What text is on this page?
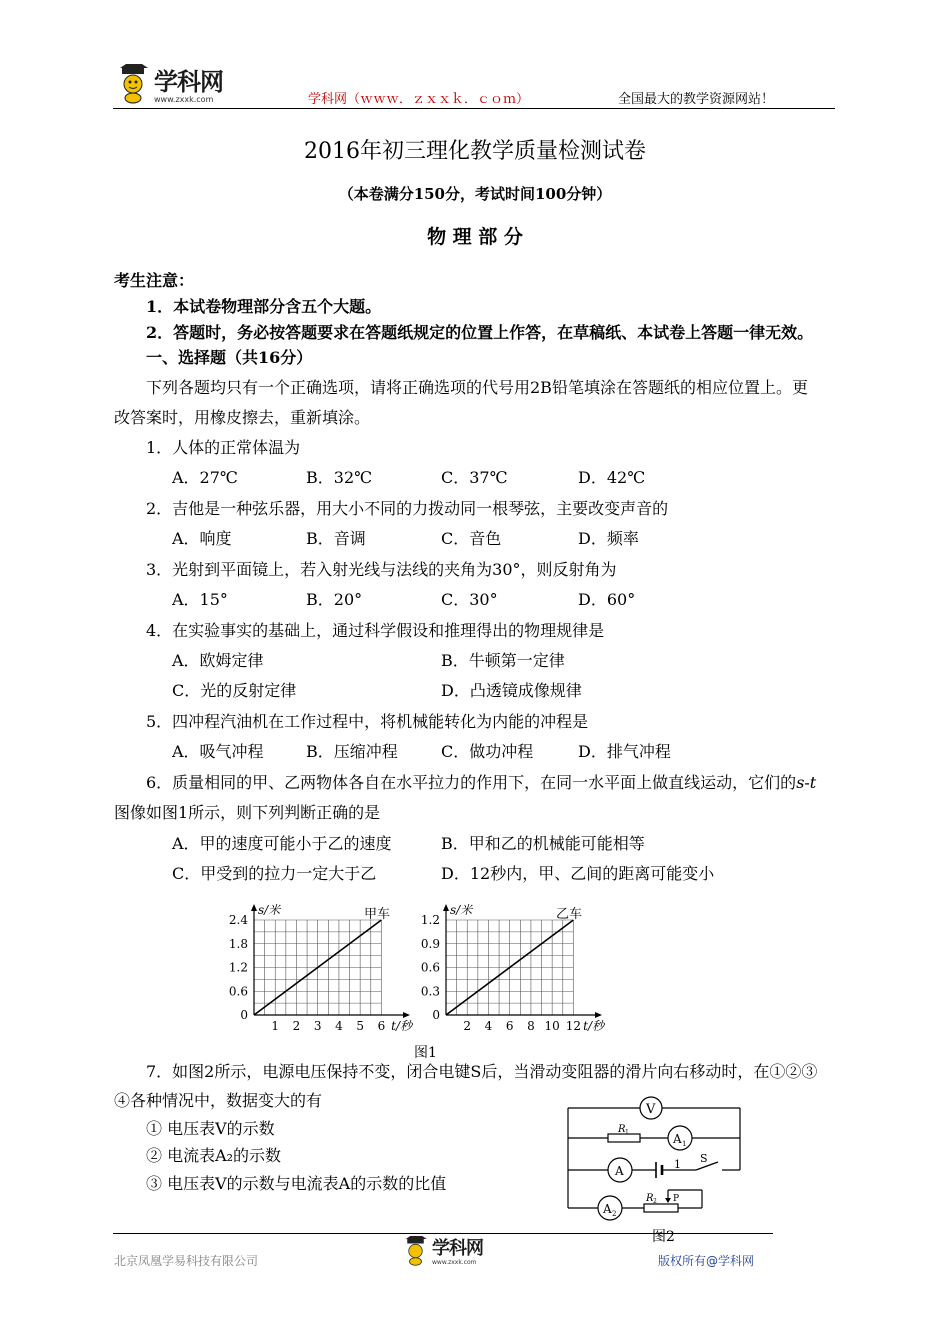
学科网
www.zxxk.com	学科网（ｗｗｗ．ｚｘｘｋ．ｃｏｍ）	全国最大的教学资源网站！
2016年初三理化教学质量检测试卷
（本卷满分150分，考试时间100分钟）
物 理 部 分
考生注意：
1．本试卷物理部分含五个大题。
2．答题时，务必按答题要求在答题纸规定的位置上作答，在草稿纸、本试卷上答题一律无效。
一、选择题（共16分）
下列各题均只有一个正确选项，请将正确选项的代号用2B铅笔填涂在答题纸的相应位置上。更
改答案时，用橡皮擦去，重新填涂。
1．人体的正常体温为
A．27℃	B．32℃	C．37℃	D．42℃
2．吉他是一种弦乐器，用大小不同的力拨动同一根琴弦，主要改变声音的
A．响度	B．音调	C．音色	D．频率
3．光射到平面镜上，若入射光线与法线的夹角为30°，则反射角为
A．15°	B．20°	C．30°	D．60°
4．在实验事实的基础上，通过科学假设和推理得出的物理规律是
A．欧姆定律	B．牛顿第一定律
C．光的反射定律	D．凸透镜成像规律
5．四冲程汽油机在工作过程中，将机械能转化为内能的冲程是
A．吸气冲程	B．压缩冲程	C．做功冲程	D．排气冲程
6．质量相同的甲、乙两物体各自在水平拉力的作用下，在同一水平面上做直线运动，它们的s-t
图像如图1所示，则下列判断正确的是
A．甲的速度可能小于乙的速度	B．甲和乙的机械能可能相等
C．甲受到的拉力一定大于乙	D．12秒内，甲、乙间的距离可能变小
1 2 3 4 5 6
0
0.6
1.2
1.8
2.4
s/米
t/秒
甲车
2 4 6 8 10 12
0
0.3
0.6
0.9
1.2
s/米
t/秒
乙车
图1
7．如图2所示，电源电压保持不变，闭合电键S后，当滑动变阻器的滑片向右移动时，在①②③
④各种情况中，数据变大的有
① 电压表V的示数
② 电流表A₂的示数
③ 电压表V的示数与电流表A的示数的比值
V
A 1
A
A 2
R 1
R 2 P
S
1
图2
北京凤凰学易科技有限公司
学科网
www.zxxk.com	版权所有@学科网
